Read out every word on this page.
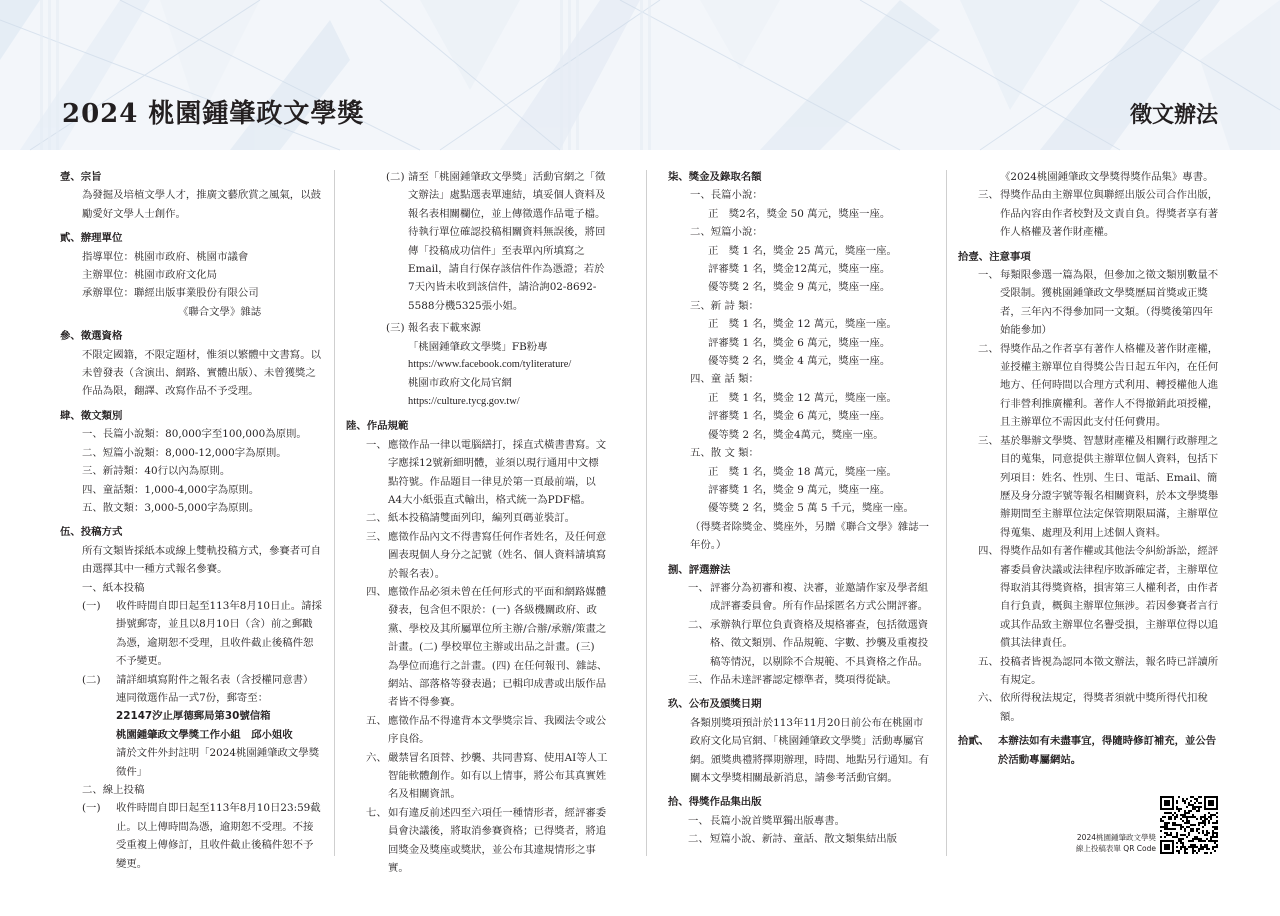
2024 桃園鍾肇政文學獎	徵文辦法
壹、宗旨
為發掘及培植文學人才，推廣文藝欣賞之風氣，以鼓勵愛好文學人士創作。
貳、辦理單位
指導單位：桃園市政府、桃園市議會
主辦單位：桃園市政府文化局
承辦單位：聯經出版事業股份有限公司
《聯合文學》雜誌
參、徵選資格
不限定國籍，不限定題材，惟須以繁體中文書寫。以未曾發表（含演出、網路、實體出版）、未曾獲獎之作品為限，翻譯、改寫作品不予受理。
肆、徵文類別
一、長篇小說類：80,000字至100,000為原則。
二、短篇小說類：8,000-12,000字為原則。
三、新詩類：40行以內為原則。
四、童話類：1,000-4,000字為原則。
五、散文類：3,000-5,000字為原則。
伍、投稿方式
所有文類皆採紙本或線上雙軌投稿方式，參賽者可自由選擇其中一種方式報名參賽。
一、紙本投稿
(一) 收件時間自即日起至113年8月10日止。請採掛號郵寄，並且以8月10日（含）前之郵戳為憑，逾期恕不受理，且收件截止後稿件恕不予變更。
(二) 請詳細填寫附件之報名表（含授權同意書）連同徵選作品一式7份，郵寄至：
22147汐止厚德郵局第30號信箱
桃園鍾肇政文學獎工作小組　邱小姐收
請於文件外封註明「2024桃園鍾肇政文學獎徵件」
二、線上投稿
(一) 收件時間自即日起至113年8月10日23:59截止。以上傳時間為憑，逾期恕不受理。不接受重複上傳修訂，且收件截止後稿件恕不予變更。
(二) 請至「桃園鍾肇政文學獎」活動官網之「徵文辦法」處點選表單連結，填妥個人資料及報名表相關欄位，並上傳徵選作品電子檔。待執行單位確認投稿相關資料無誤後，將回傳「投稿成功信件」至表單內所填寫之Email，請自行保存該信件作為憑證；若於7天內皆未收到該信件，請洽詢02-8692-5588分機5325張小姐。
(三) 報名表下載來源
「桃園鍾肇政文學獎」FB粉專
https://www.facebook.com/tyliterature/
桃園市政府文化局官網
https://culture.tycg.gov.tw/
陸、作品規範
一、 應徵作品一律以電腦繕打，採直式橫書書寫。文字應採12號新細明體，並須以現行通用中文標點符號。作品題目一律見於第一頁最前端，以A4大小紙張直式輸出，格式統一為PDF檔。
二、 紙本投稿請雙面列印，編列頁碼並裝訂。
三、 應徵作品內文不得書寫任何作者姓名，及任何意圖表現個人身分之記號（姓名、個人資料請填寫於報名表）。
四、 應徵作品必須未曾在任何形式的平面和網路媒體發表，包含但不限於：(一) 各級機關政府、政黨、學校及其所屬單位所主辦/合辦/承辦/策畫之計畫。(二) 學校單位主辦或出品之計畫。(三) 為學位而進行之計畫。(四) 在任何報刊、雜誌、網站、部落格等發表過；已輯印成書或出版作品者皆不得參賽。
五、 應徵作品不得違背本文學獎宗旨、我國法令或公序良俗。
六、 嚴禁冒名頂替、抄襲、共同書寫、使用AI等人工智能軟體創作。如有以上情事，將公布其真實姓名及相關資訊。
七、 如有違反前述四至六項任一種情形者，經評審委員會決議後，將取消參賽資格；已得獎者，將追回獎金及獎座或獎狀，並公布其違規情形之事實。
柒、獎金及錄取名額
一、長篇小說：
正　獎2名，獎金 50 萬元，獎座一座。
二、短篇小說：
正　獎 1 名，獎金 25 萬元，獎座一座。
評審獎 1 名，獎金12萬元，獎座一座。
優等獎 2 名，獎金 9 萬元，獎座一座。
三、新 詩 類：
正　獎 1 名，獎金 12 萬元，獎座一座。
評審獎 1 名，獎金 6 萬元，獎座一座。
優等獎 2 名，獎金 4 萬元，獎座一座。
四、童 話 類：
正　獎 1 名，獎金 12 萬元，獎座一座。
評審獎 1 名，獎金 6 萬元，獎座一座。
優等獎 2 名，獎金4萬元，獎座一座。
五、散 文 類：
正　獎 1 名，獎金 18 萬元，獎座一座。
評審獎 1 名，獎金 9 萬元，獎座一座。
優等獎 2 名，獎金 5 萬 5 千元，獎座一座。
（得獎者除獎金、獎座外，另贈《聯合文學》雜誌一年份。）
捌、評選辦法
一、 評審分為初審和複、決審，並邀請作家及學者組成評審委員會。所有作品採匿名方式公開評審。
二、 承辦執行單位負責資格及規格審查，包括徵選資格、徵文類別、作品規範、字數、抄襲及重複投稿等情況，以剔除不合規範、不具資格之作品。
三、 作品未達評審認定標準者，獎項得從缺。
玖、公布及頒獎日期
各類別獎項預計於113年11月20日前公布在桃園市政府文化局官網、「桃園鍾肇政文學獎」活動專屬官網。頒獎典禮將擇期辦理，時間、地點另行通知。有關本文學獎相關最新消息，請參考活動官網。
拾、得獎作品集出版
一、 長篇小說首獎單獨出版專書。
二、 短篇小說、新詩、童話、散文類集結出版
《2024桃園鍾肇政文學獎得獎作品集》專書。
三、 得獎作品由主辦單位與聯經出版公司合作出版，作品內容由作者校對及文責自負。得獎者享有著作人格權及著作財產權。
拾壹、注意事項
一、 每類限參選一篇為限，但參加之徵文類別數量不受限制。獲桃園鍾肇政文學獎歷屆首獎或正獎者，三年內不得參加同一文類。（得獎後第四年始能參加）
二、 得獎作品之作者享有著作人格權及著作財產權，並授權主辦單位自得獎公告日起五年內，在任何地方、任何時間以合理方式利用、轉授權他人進行非營利推廣權利。著作人不得撤銷此項授權，且主辦單位不需因此支付任何費用。
三、 基於舉辦文學獎、智慧財產權及相關行政辦理之目的蒐集，同意提供主辦單位個人資料，包括下列項目：姓名、性別、生日、電話、Email、簡歷及身分證字號等報名相關資料，於本文學獎舉辦期間至主辦單位法定保管期限屆滿，主辦單位得蒐集、處理及利用上述個人資料。
四、 得獎作品如有著作權或其他法令糾紛訴訟，經評審委員會決議或法律程序敗訴確定者，主辦單位得取消其得獎資格，損害第三人權利者，由作者自行負責，概與主辦單位無涉。若因參賽者言行或其作品致主辦單位名譽受損，主辦單位得以追償其法律責任。
五、 投稿者皆視為認同本徵文辦法，報名時已詳讀所有規定。
六、 依所得稅法規定，得獎者須就中獎所得代扣稅額。
拾貳、 本辦法如有未盡事宜，得隨時修訂補充，並公告於活動專屬網站。
2024桃園鍾肇政文學獎
線上投稿表單 QR Code
